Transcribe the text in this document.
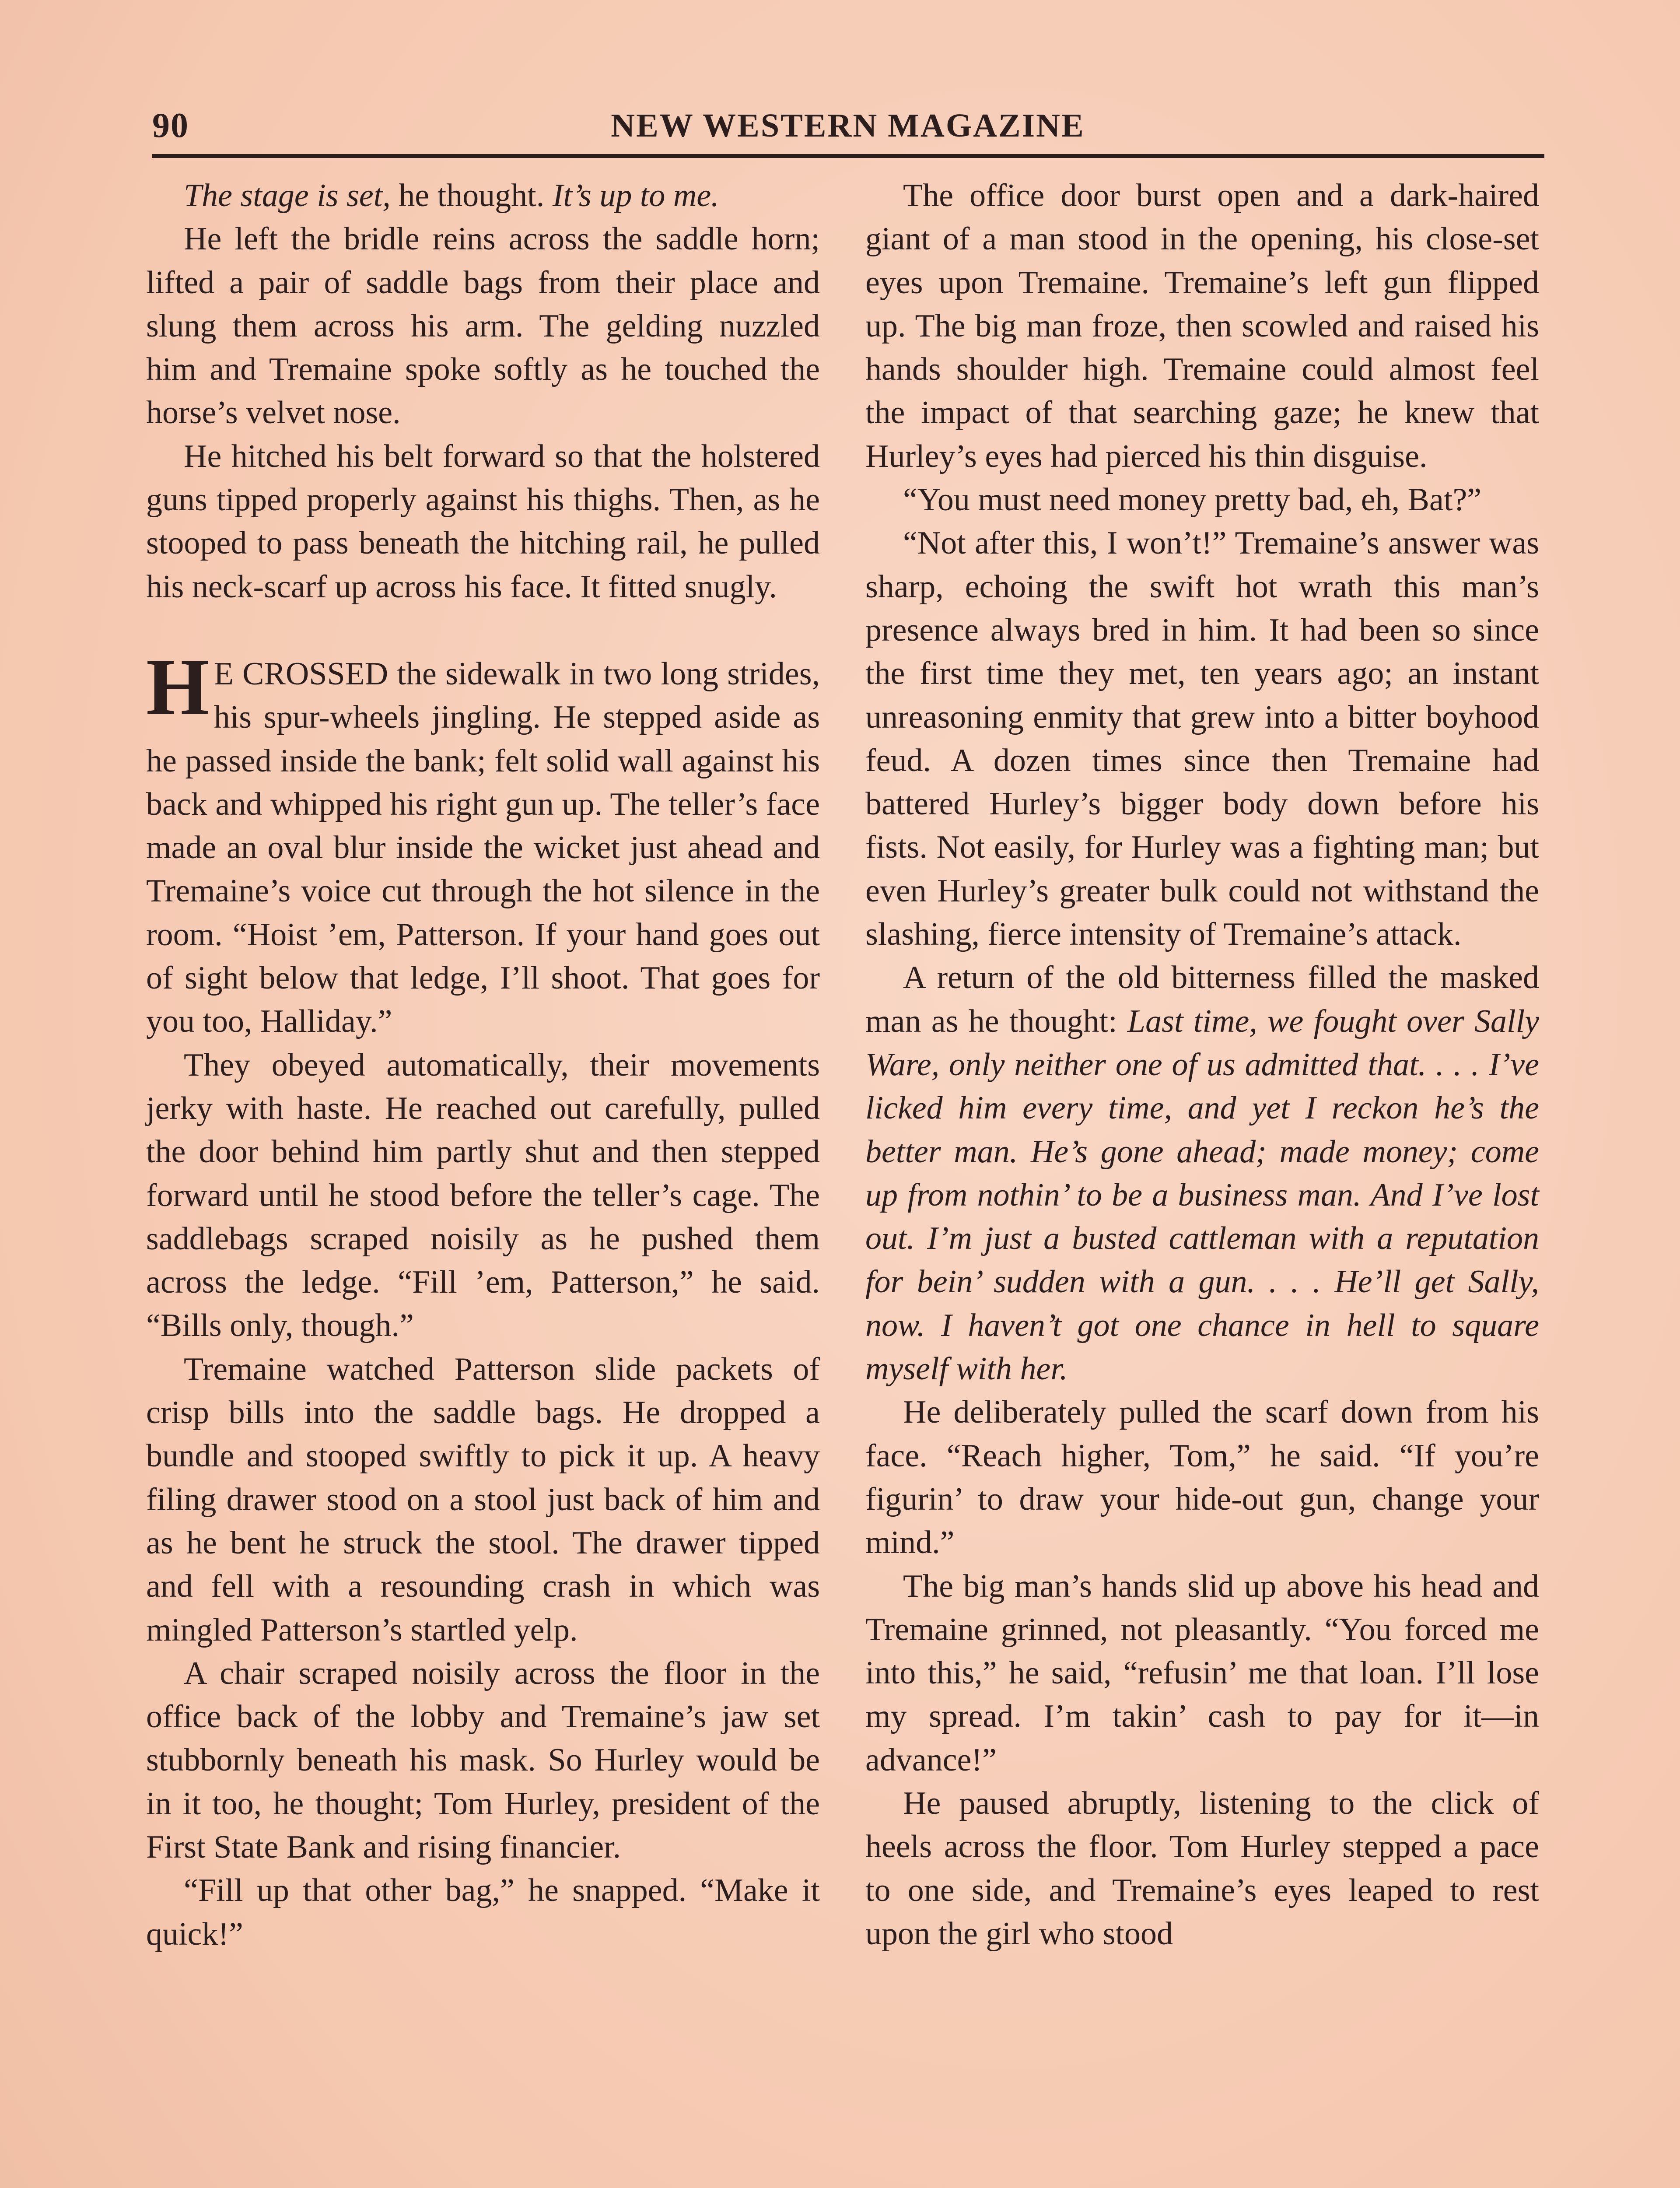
90	NEW WESTERN MAGAZINE

The stage is set, he thought. It’s up to me.

He left the bridle reins across the saddle horn; lifted a pair of saddle bags from their place and slung them across his arm. The gelding nuzzled him and Tremaine spoke softly as he touched the horse’s velvet nose.

He hitched his belt forward so that the holstered guns tipped properly against his thighs. Then, as he stooped to pass beneath the hitching rail, he pulled his neck-scarf up across his face. It fitted snugly.

H E CROSSED the sidewalk in two long strides, his spur-wheels jingling. He stepped aside as he passed inside the bank; felt solid wall against his back and whipped his right gun up. The teller’s face made an oval blur inside the wicket just ahead and Tremaine’s voice cut through the hot silence in the room. “Hoist ’em, Patterson. If your hand goes out of sight below that ledge, I’ll shoot. That goes for you too, Halliday.”

They obeyed automatically, their movements jerky with haste. He reached out carefully, pulled the door behind him partly shut and then stepped forward until he stood before the teller’s cage. The saddlebags scraped noisily as he pushed them across the ledge. “Fill ’em, Patterson,” he said. “Bills only, though.”

Tremaine watched Patterson slide packets of crisp bills into the saddle bags. He dropped a bundle and stooped swiftly to pick it up. A heavy filing drawer stood on a stool just back of him and as he bent he struck the stool. The drawer tipped and fell with a resounding crash in which was mingled Patterson’s startled yelp.

A chair scraped noisily across the floor in the office back of the lobby and Tremaine’s jaw set stubbornly beneath his mask. So Hurley would be in it too, he thought; Tom Hurley, president of the First State Bank and rising financier.

“Fill up that other bag,” he snapped. “Make it quick!”

The office door burst open and a dark-haired giant of a man stood in the opening, his close-set eyes upon Tremaine. Tremaine’s left gun flipped up. The big man froze, then scowled and raised his hands shoulder high. Tremaine could almost feel the impact of that searching gaze; he knew that Hurley’s eyes had pierced his thin disguise.

“You must need money pretty bad, eh, Bat?”

“Not after this, I won’t!” Tremaine’s answer was sharp, echoing the swift hot wrath this man’s presence always bred in him. It had been so since the first time they met, ten years ago; an instant unreasoning enmity that grew into a bitter boyhood feud. A dozen times since then Tremaine had battered Hurley’s bigger body down before his fists. Not easily, for Hurley was a fighting man; but even Hurley’s greater bulk could not withstand the slashing, fierce intensity of Tremaine’s attack.

A return of the old bitterness filled the masked man as he thought: Last time, we fought over Sally Ware, only neither one of us admitted that. . . . I’ve licked him every time, and yet I reckon he’s the better man. He’s gone ahead; made money; come up from nothin’ to be a business man. And I’ve lost out. I’m just a busted cattleman with a reputation for bein’ sudden with a gun. . . . He’ll get Sally, now. I haven’t got one chance in hell to square myself with her.

He deliberately pulled the scarf down from his face. “Reach higher, Tom,” he said. “If you’re figurin’ to draw your hide-out gun, change your mind.”

The big man’s hands slid up above his head and Tremaine grinned, not pleasantly. “You forced me into this,” he said, “refusin’ me that loan. I’ll lose my spread. I’m takin’ cash to pay for it—in advance!”

He paused abruptly, listening to the click of heels across the floor. Tom Hurley stepped a pace to one side, and Tremaine’s eyes leaped to rest upon the girl who stood
